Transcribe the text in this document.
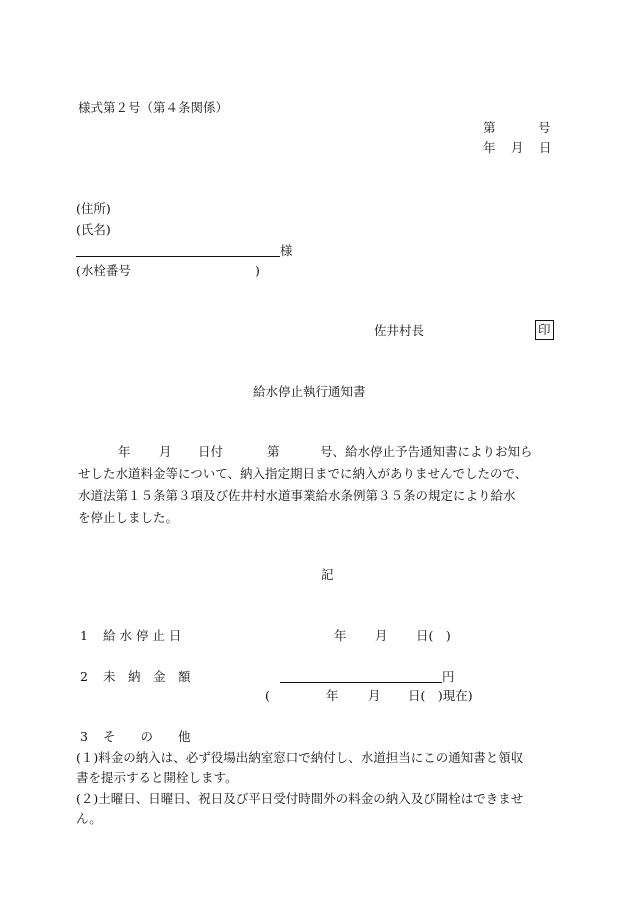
様式第２号（第４条関係）
第	号
年 月 日
(住所)
(氏名)
様
(水栓番号	)
佐井村長	印
給水停止執行通知書
年 月 日付	第	号、給水停止予告通知書によりお知ら
せした水道料金等について、納入指定期日までに納入がありませんでしたので、
水道法第１５条第３項及び佐井村水道事業給水条例第３５条の規定により給水
を停止しました。
記
1 給 水 停 止 日	年 月 日(　)
2 未　納　金　額	円
(	年 月 日(　)現在)
3 そ　　の　　他
(１)料金の納入は、必ず役場出納室窓口で納付し、水道担当にこの通知書と領収
書を提示すると開栓します。
(２)土曜日、日曜日、祝日及び平日受付時間外の料金の納入及び開栓はできませ
ん。
